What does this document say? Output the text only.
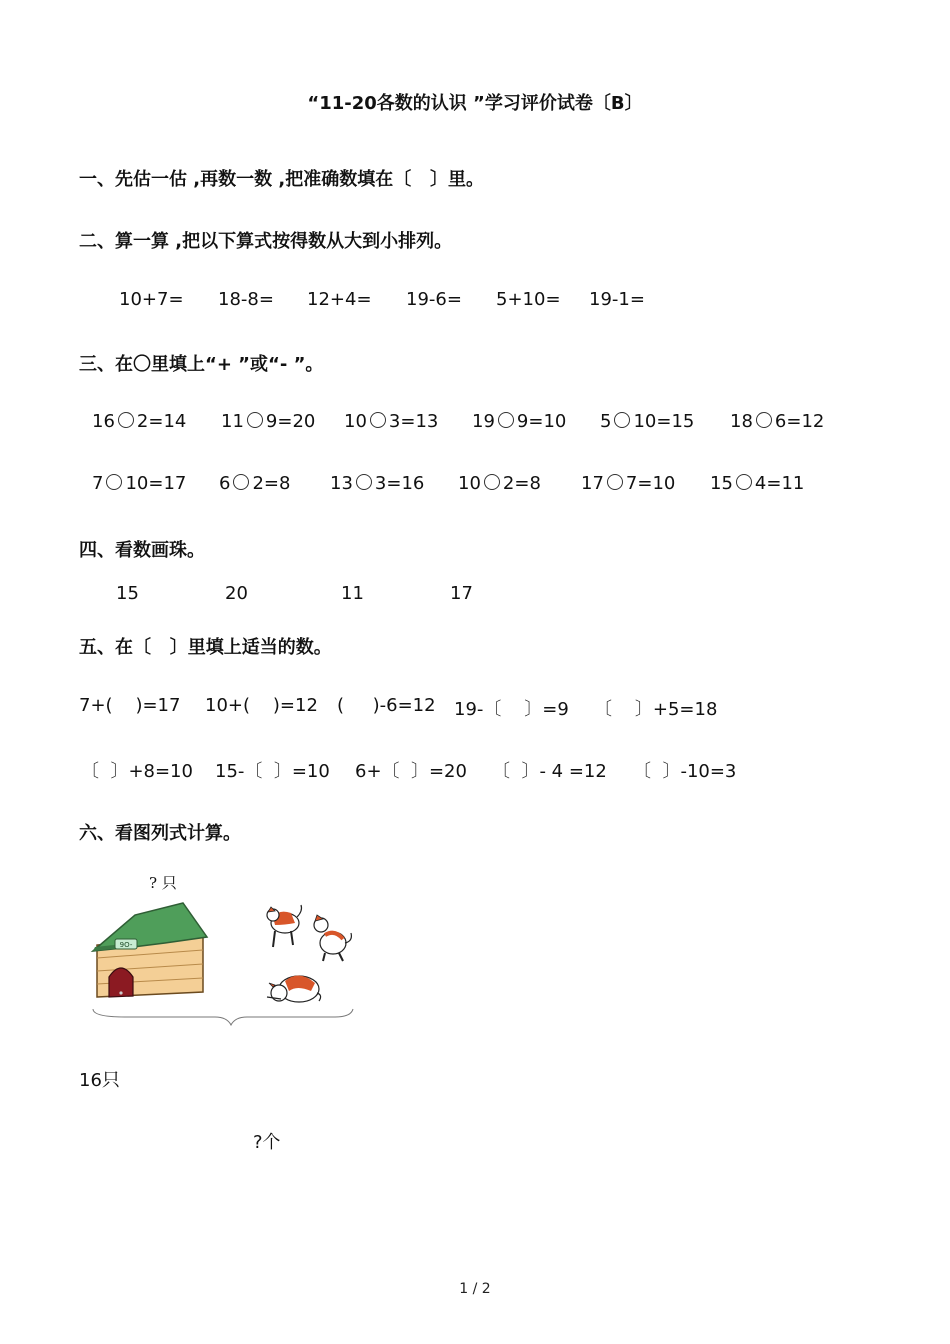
“11-20各数的认识 ”学习评价试卷〔B〕
一、先估一估 ,再数一数 ,把准确数填在〔   〕里。
二、算一算 ,把以下算式按得数从大到小排列。
10+7= 18-8= 12+4= 19-6= 5+10= 19-1=
三、在〇里填上“+ ”或“- ”。
16 2=14 11 9=20 10 3=13 19 9=10 5 10=15 18 6=12
7 10=17 6 2=8 13 3=16 10 2=8 17 7=10 15 4=11
四、看数画珠。
15	20	11	17
五、在〔   〕里填上适当的数。
7+(    )=17 10+(    )=12 (     )-6=12 19-〔    〕=9 〔    〕+5=18
〔  〕+8=10 15-〔  〕=10 6+〔  〕=20 〔  〕- 4 =12 〔  〕-10=3
六、看图列式计算。
? 只
9O-
16只
?个
1 / 2
